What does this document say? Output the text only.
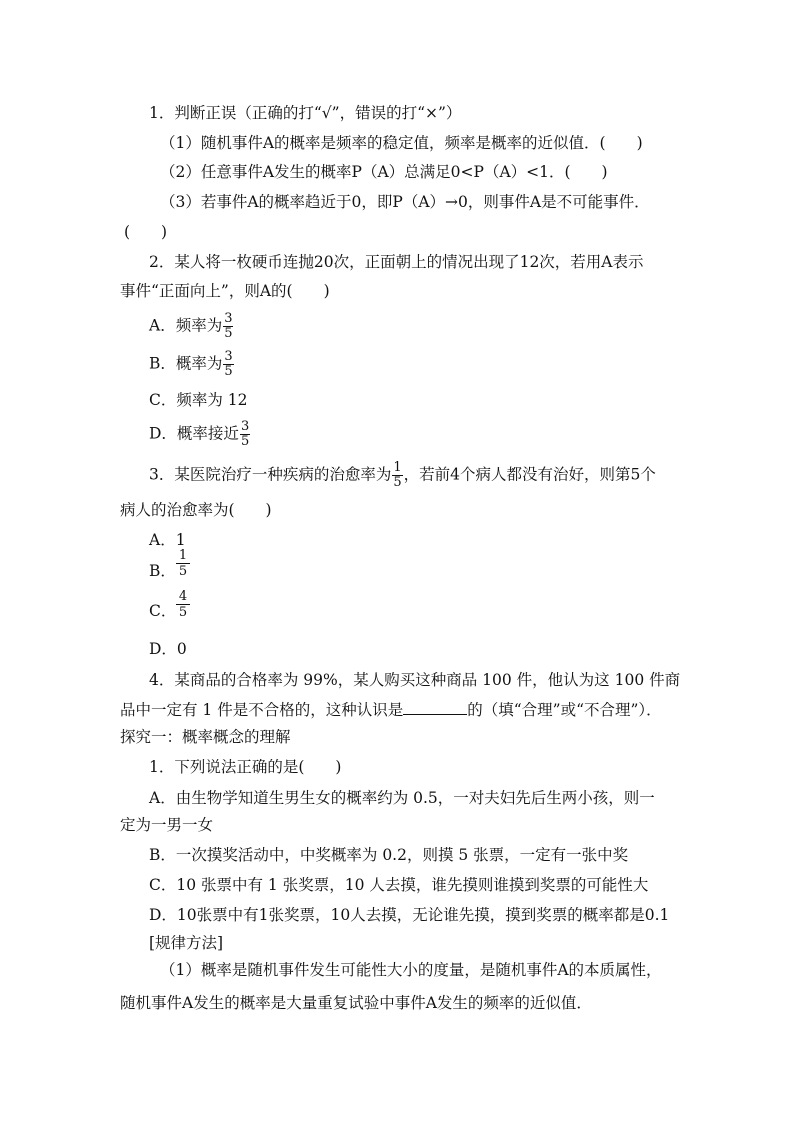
1．判断正误（正确的打“√”，错误的打“×”）
（1）随机事件A的概率是频率的稳定值，频率是概率的近似值．(　　)
（2）任意事件A发生的概率P（A）总满足0<P（A）<1．(　　)
（3）若事件A的概率趋近于0，即P（A）→0，则事件A是不可能事件．
(　　)
2．某人将一枚硬币连抛20次，正面朝上的情况出现了12次，若用A表示
事件“正面向上”，则A的(　　)
A．频率为 $\frac{3}{5}$
B．概率为 $\frac{3}{5}$
C．频率为 12
D．概率接近 $\frac{3}{5}$
3．某医院治疗一种疾病的治愈率为 $\frac{1}{5}$ ，若前4个病人都没有治好，则第5个
病人的治愈率为(　　)
A．1
B． $\frac{1}{5}$
C． $\frac{4}{5}$
D．0
4．某商品的合格率为 99%，某人购买这种商品 100 件，他认为这 100 件商
品中一定有 1 件是不合格的，这种认识是	的（填“合理”或“不合理”）．
探究一：概率概念的理解
1．下列说法正确的是(　　)
A．由生物学知道生男生女的概率约为 0.5，一对夫妇先后生两小孩，则一
定为一男一女
B．一次摸奖活动中，中奖概率为 0.2，则摸 5 张票，一定有一张中奖
C．10 张票中有 1 张奖票，10 人去摸，谁先摸则谁摸到奖票的可能性大
D．10张票中有1张奖票，10人去摸，无论谁先摸，摸到奖票的概率都是0.1
[规律方法]
（1）概率是随机事件发生可能性大小的度量，是随机事件A的本质属性，
随机事件A发生的概率是大量重复试验中事件A发生的频率的近似值．
